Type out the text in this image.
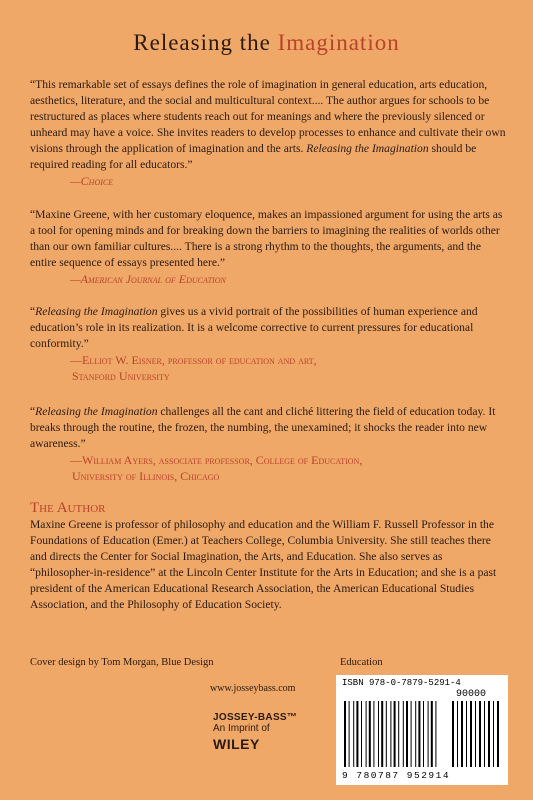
Releasing the Imagination

“This remarkable set of essays defines the role of imagination in general education, arts education, aesthetics, literature, and the social and multicultural context.... The author argues for schools to be restructured as places where students reach out for meanings and where the previously silenced or unheard may have a voice. She invites readers to develop processes to enhance and cultivate their own visions through the application of imagination and the arts. Releasing the Imagination should be required reading for all educators.”

—Choice

“Maxine Greene, with her customary eloquence, makes an impassioned argument for using the arts as a tool for opening minds and for breaking down the barriers to imagining the realities of worlds other than our own familiar cultures.... There is a strong rhythm to the thoughts, the arguments, and the entire sequence of essays presented here.”

—American Journal of Education

“Releasing the Imagination gives us a vivid portrait of the possibilities of human experience and education’s role in its realization. It is a welcome corrective to current pressures for educational conformity.”

—Elliot W. Eisner, professor of education and art,

Stanford University

“Releasing the Imagination challenges all the cant and cliché littering the field of education today. It breaks through the routine, the frozen, the numbing, the unexamined; it shocks the reader into new awareness.”

—William Ayers, associate professor, College of Education,

University of Illinois, Chicago

The Author
Maxine Greene is professor of philosophy and education and the William F. Russell Professor in the Foundations of Education (Emer.) at Teachers College, Columbia University. She still teaches there and directs the Center for Social Imagination, the Arts, and Education. She also serves as “philosopher-in-residence” at the Lincoln Center Institute for the Arts in Education; and she is a past president of the American Educational Research Association, the American Educational Studies Association, and the Philosophy of Education Society.
Cover design by Tom Morgan, Blue Design	Education
www.josseybass.com
JOSSEY-BASS™
An Imprint of
WILEY
ISBN 978-0-7879-5291-4
90000
9 780787 952914
